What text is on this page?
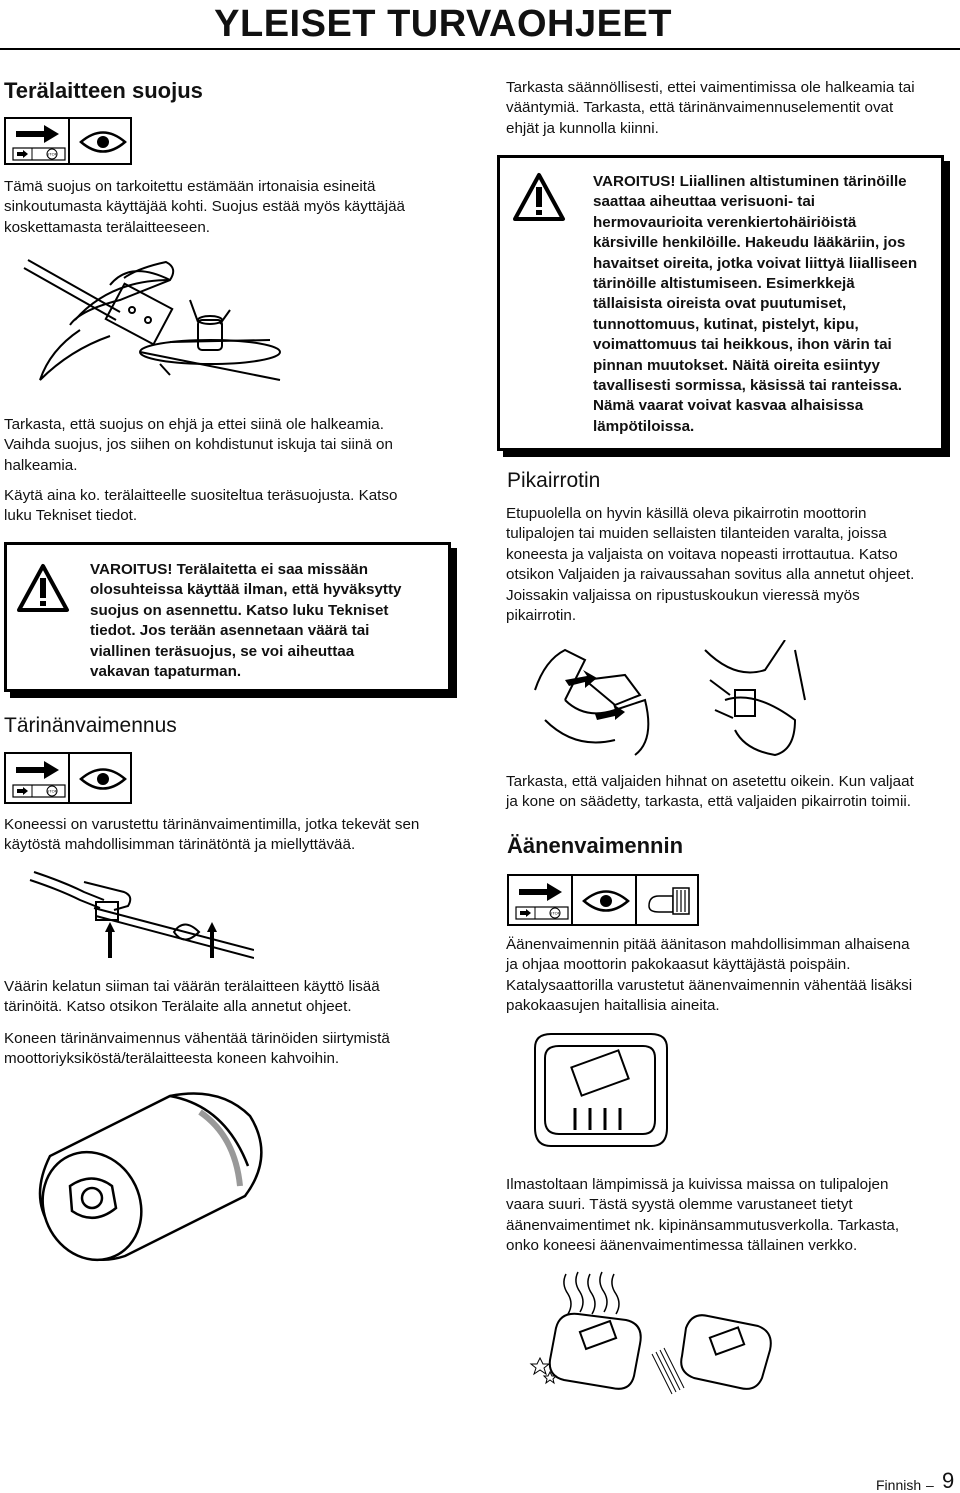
YLEISET TURVAOHJEET
Terälaitteen suojus
STOP
Tämä suojus on tarkoitettu estämään irtonaisia esineitä
sinkoutumasta käyttäjää kohti. Suojus estää myös käyttäjää
koskettamasta terälaitteeseen.
Tarkasta, että suojus on ehjä ja ettei siinä ole halkeamia.
Vaihda suojus, jos siihen on kohdistunut iskuja tai siinä on
halkeamia.
Käytä aina ko. terälaitteelle suositeltua teräsuojusta. Katso
luku Tekniset tiedot.
VAROITUS! Terälaitetta ei saa missään
olosuhteissa käyttää ilman, että hyväksytty
suojus on asennettu. Katso luku Tekniset
tiedot. Jos terään asennetaan väärä tai
viallinen teräsuojus, se voi aiheuttaa
vakavan tapaturman.
Tärinänvaimennus
STOP
Koneessi on varustettu tärinänvaimentimilla, jotka tekevät sen
käytöstä mahdollisimman tärinätöntä ja miellyttävää.
Väärin kelatun siiman tai väärän terälaitteen käyttö lisää
tärinöitä. Katso otsikon Terälaite alla annetut ohjeet.
Koneen tärinänvaimennus vähentää tärinöiden siirtymistä
moottoriyksiköstä/terälaitteesta koneen kahvoihin.
Tarkasta säännöllisesti, ettei vaimentimissa ole halkeamia tai
vääntymiä. Tarkasta, että tärinänvaimennuselementit ovat
ehjät ja kunnolla kiinni.
VAROITUS! Liiallinen altistuminen tärinöille
saattaa aiheuttaa verisuoni- tai
hermovaurioita verenkiertohäiriöistä
kärsiville henkilöille. Hakeudu lääkäriin, jos
havaitset oireita, jotka voivat liittyä liialliseen
tärinöille altistumiseen. Esimerkkejä
tällaisista oireista ovat puutumiset,
tunnottomuus, kutinat, pistelyt, kipu,
voimattomuus tai heikkous, ihon värin tai
pinnan muutokset. Näitä oireita esiintyy
tavallisesti sormissa, käsissä tai ranteissa.
Nämä vaarat voivat kasvaa alhaisissa
lämpötiloissa.
Pikairrotin
Etupuolella on hyvin käsillä oleva pikairrotin moottorin
tulipalojen tai muiden sellaisten tilanteiden varalta, joissa
koneesta ja valjaista on voitava nopeasti irrottautua. Katso
otsikon Valjaiden ja raivaussahan sovitus alla annetut ohjeet.
Joissakin valjaissa on ripustuskoukun vieressä myös
pikairrotin.
Tarkasta, että valjaiden hihnat on asetettu oikein. Kun valjaat
ja kone on säädetty, tarkasta, että valjaiden pikairrotin toimii.
Äänenvaimennin
STOP
Äänenvaimennin pitää äänitason mahdollisimman alhaisena
ja ohjaa moottorin pakokaasut käyttäjästä poispäin.
Katalysaattorilla varustetut äänenvaimennin vähentää lisäksi
pakokaasujen haitallisia aineita.
Ilmastoltaan lämpimissä ja kuivissa maissa on tulipalojen
vaara suuri. Tästä syystä olemme varustaneet tietyt
äänenvaimentimet nk. kipinänsammutusverkolla. Tarkasta,
onko koneesi äänenvaimentimessa tällainen verkko.
Finnish – 9
